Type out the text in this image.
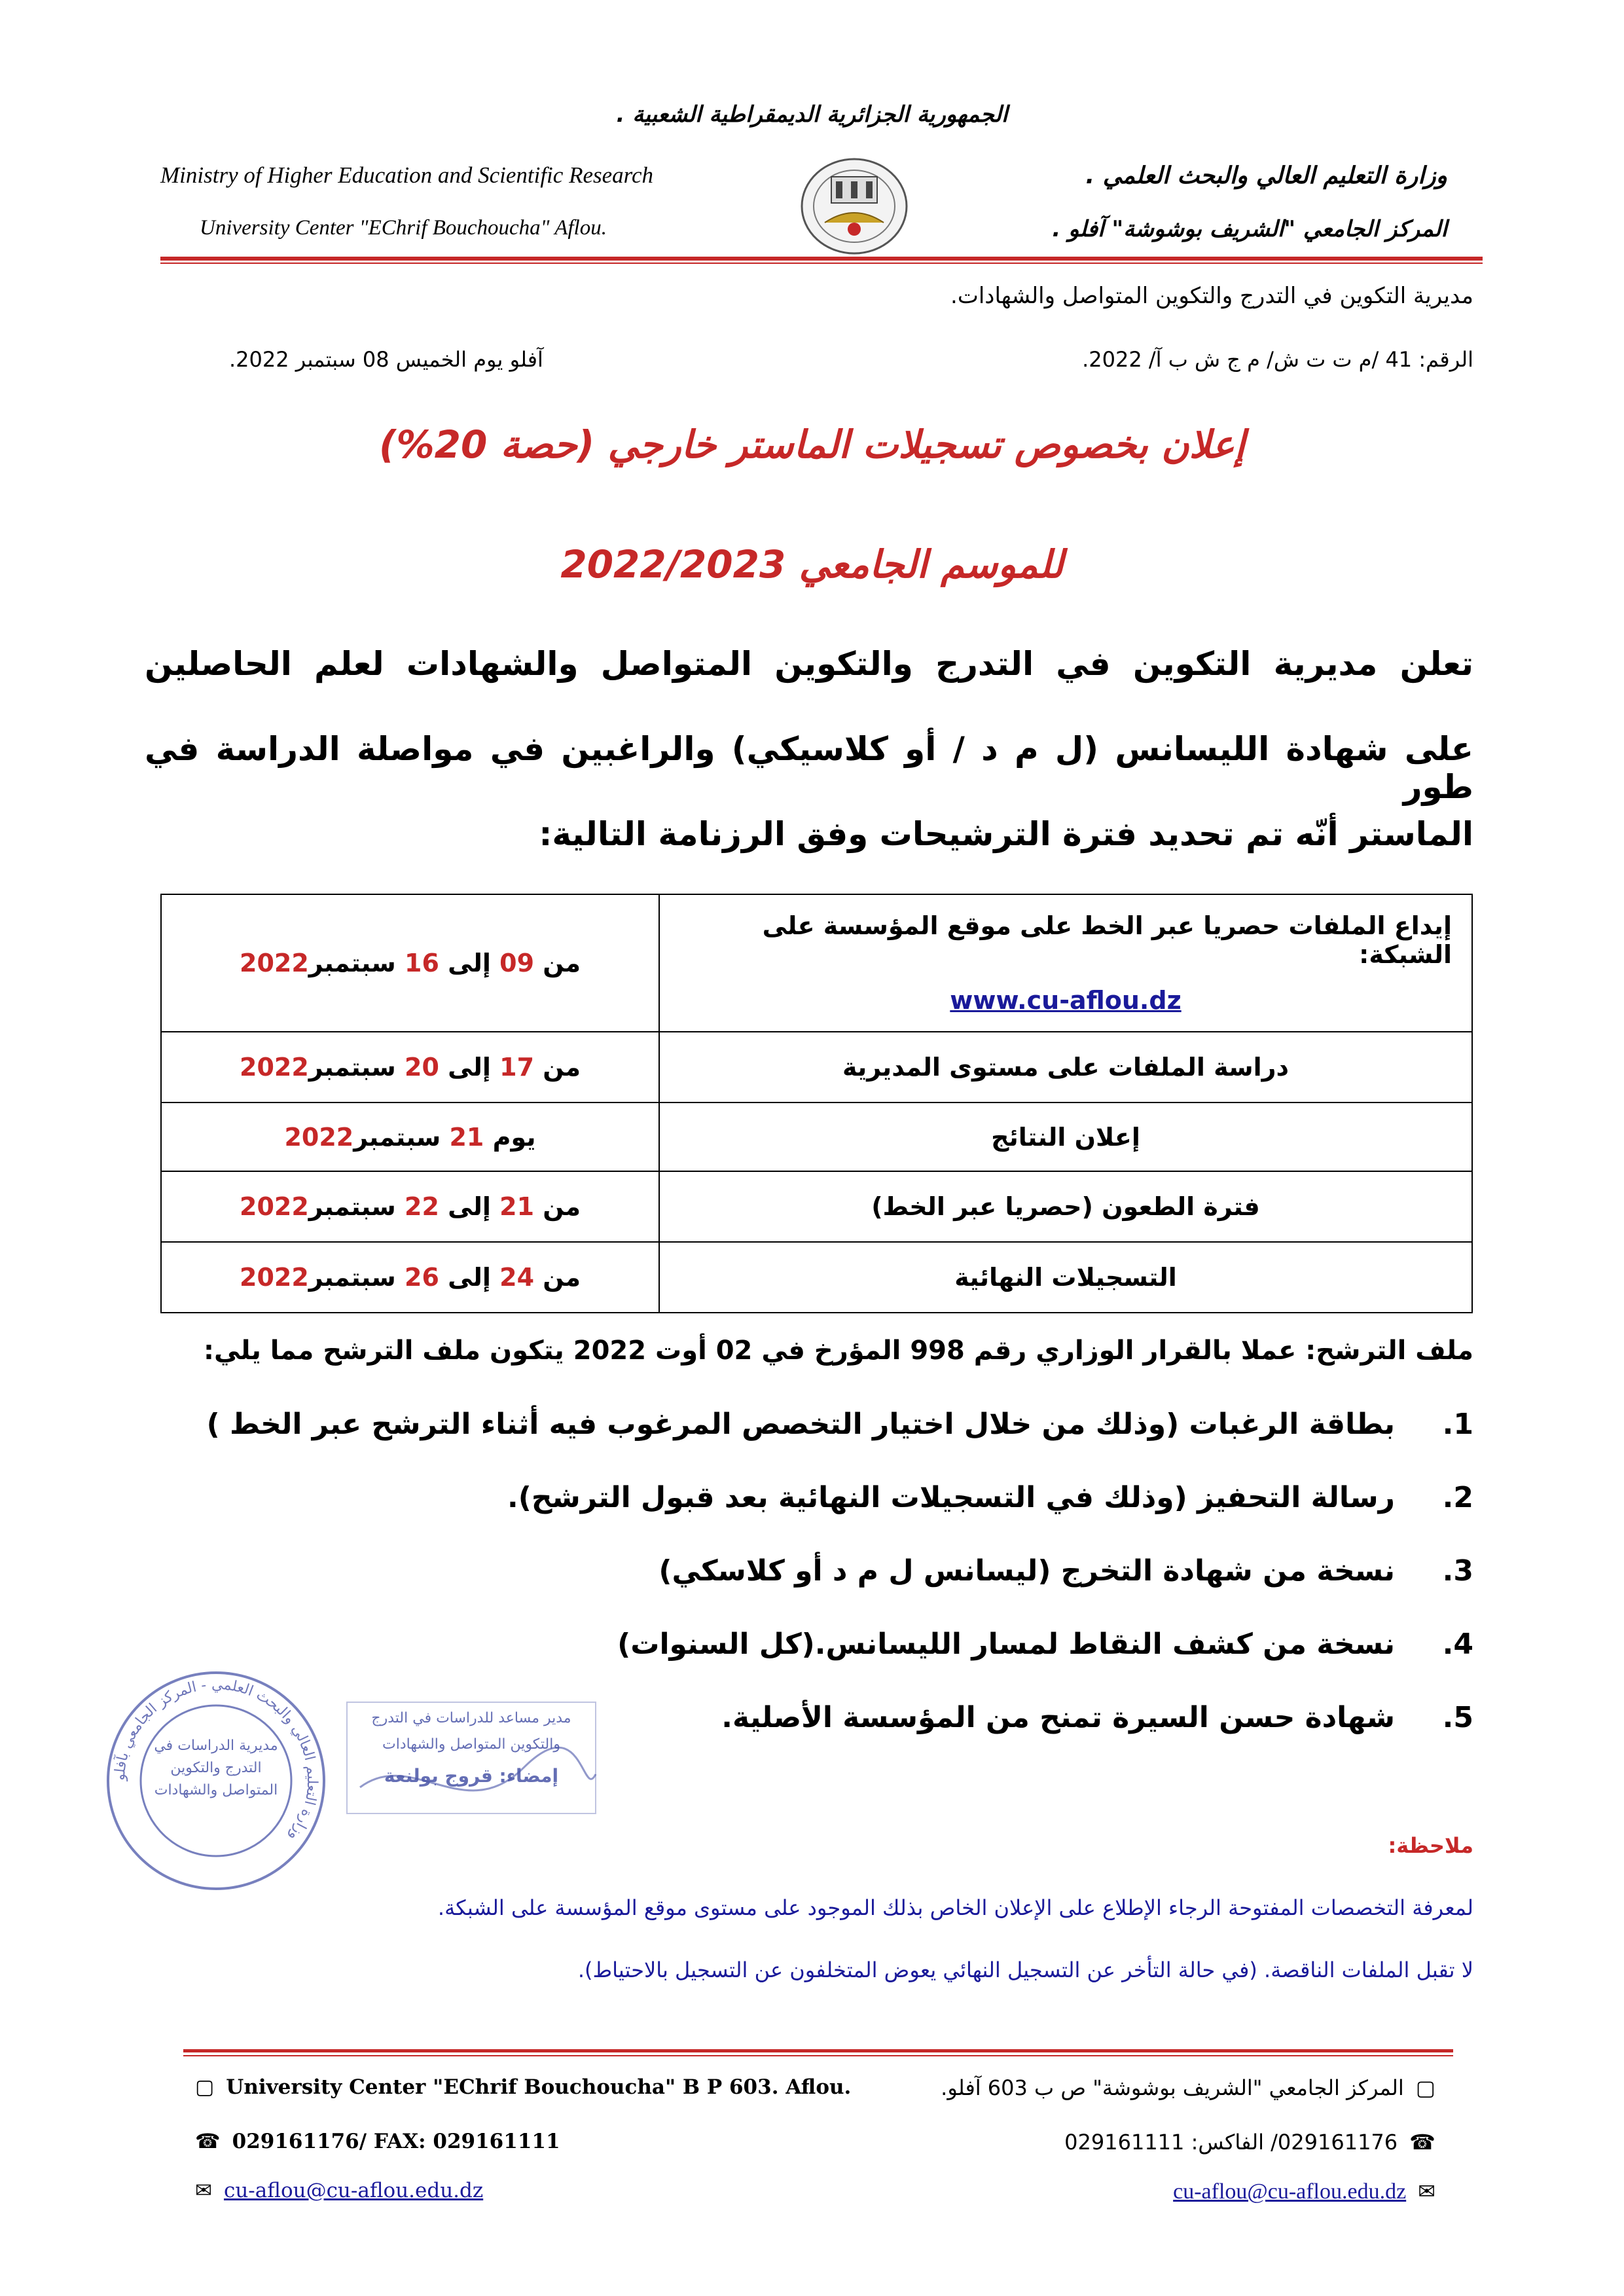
الجمهورية الجزائرية الديمقراطية الشعبية .
Ministry of Higher Education and Scientific Research
University Center "EChrif Bouchoucha" Aflou.
وزارة التعليم العالي والبحث العلمي .
المركز الجامعي "الشريف بوشوشة" آفلو .
مديرية التكوين في التدرج والتكوين المتواصل والشهادات.
الرقم: 41 /م ت ت ش/ م ج ش ب آ/ 2022.
آفلو يوم الخميس 08 سبتمبر 2022.
إعلان بخصوص تسجيلات الماستر خارجي (حصة 20%)
للموسم الجامعي 2022/2023
تعلن مديرية التكوين في التدرج والتكوين المتواصل والشهادات لعلم الحاصلين
على شهادة الليسانس (ل م د / أو كلاسيكي) والراغبين في مواصلة الدراسة في طور
الماستر أنّه تم تحديد فترة الترشيحات وفق الرزنامة التالية:
إيداع الملفات حصريا عبر الخط على موقع المؤسسة على الشبكة:
www.cu-aflou.dz	من 09 إلى 16 سبتمبر2022
دراسة الملفات على مستوى المديرية	من 17 إلى 20 سبتمبر2022
إعلان النتائج	يوم 21 سبتمبر2022
فترة الطعون (حصريا عبر الخط)	من 21 إلى 22 سبتمبر2022
التسجيلات النهائية	من 24 إلى 26 سبتمبر2022
ملف الترشح: عملا بالقرار الوزاري رقم 998 المؤرخ في 02 أوت 2022 يتكون ملف الترشح مما يلي:
1.بطاقة الرغبات (وذلك من خلال اختيار التخصص المرغوب فيه أثناء الترشح عبر الخط )
2.رسالة التحفيز (وذلك في التسجيلات النهائية بعد قبول الترشح).
3.نسخة من شهادة التخرج (ليسانس ل م د أو كلاسكي)
4.نسخة من كشف النقاط لمسار الليسانس.(كل السنوات)
5.شهادة حسن السيرة تمنح من المؤسسة الأصلية.
وزارة التعليم العالي والبحث العلمي - المركز الجامعي بآفلو
مديرية الدراسات في التدرج والتكوين المتواصل والشهادات
مدير مساعد للدراسات في التدرج
والتكوين المتواصل والشهادات
إمضاء: قروج بولنعة
ملاحظة:
لمعرفة التخصصات المفتوحة الرجاء الإطلاع على الإعلان الخاص بذلك الموجود على مستوى موقع المؤسسة على الشبكة.
لا تقبل الملفات الناقصة. (في حالة التأخر عن التسجيل النهائي يعوض المتخلفون عن التسجيل بالاحتياط).
▢ University Center "EChrif Bouchoucha" B P 603. Aflou.
☎ 029161176/ FAX: 029161111
✉ cu-aflou@cu-aflou.edu.dz
▢المركز الجامعي "الشريف بوشوشة" ص ب 603 آفلو.
☎029161176/ الفاكس: 029161111
✉cu-aflou@cu-aflou.edu.dz
